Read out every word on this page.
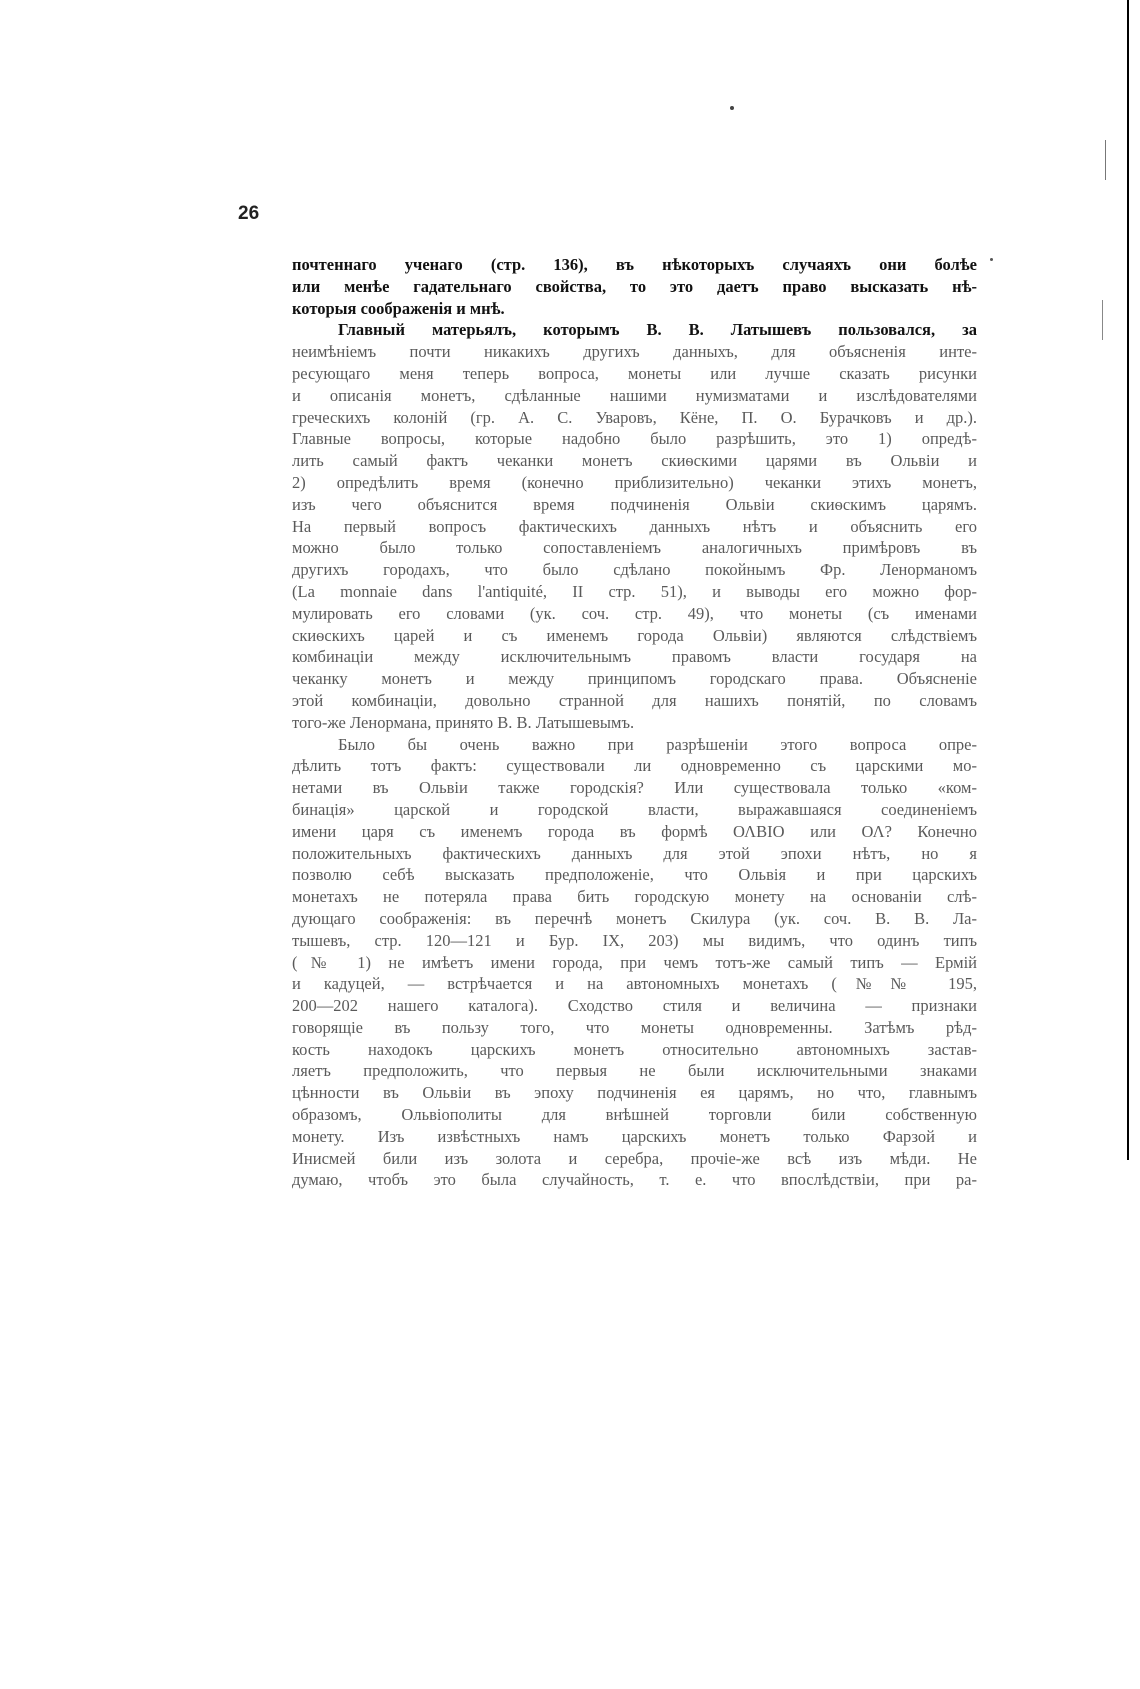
26
почтеннаго ученаго (стр. 136), въ нѣкоторыхъ случаяхъ они болѣе
или менѣе гадательнаго свойства, то это даетъ право высказать нѣ-
которыя соображенія и мнѣ.
Главный матерьялъ, которымъ В. В. Латышевъ пользовался, за
неимѣніемъ почти никакихъ другихъ данныхъ, для объясненія инте-
ресующаго меня теперь вопроса, монеты или лучше сказать рисунки
и описанія монетъ, сдѣланные нашими нумизматами и изслѣдователями
греческихъ колоній (гр. А. С. Уваровъ, Кёне, П. О. Бурачковъ и др.).
Главные вопросы, которые надобно было разрѣшить, это 1) опредѣ-
лить самый фактъ чеканки монетъ скиѳскими царями въ Ольвіи и
2) опредѣлить время (конечно приблизительно) чеканки этихъ монетъ,
изъ чего объяснится время подчиненія Ольвіи скиѳскимъ царямъ.
На первый вопросъ фактическихъ данныхъ нѣтъ и объяснить его
можно было только сопоставленіемъ аналогичныхъ примѣровъ въ
другихъ городахъ, что было сдѣлано покойнымъ Фр. Ленорманомъ
(La monnaie dans l'antiquité, II стр. 51), и выводы его можно фор-
мулировать его словами (ук. соч. стр. 49), что монеты (съ именами
скиѳскихъ царей и съ именемъ города Ольвіи) являются слѣдствіемъ
комбинаціи между исключительнымъ правомъ власти государя на
чеканку монетъ и между принципомъ городскаго права. Объясненіе
этой комбинаціи, довольно странной для нашихъ понятій, по словамъ
того-же Ленормана, принято В. В. Латышевымъ.
Было бы очень важно при разрѣшеніи этого вопроса опре-
дѣлить тотъ фактъ: существовали ли одновременно съ царскими мо-
нетами въ Ольвіи также городскія? Или существовала только «ком-
бинація» царской и городской власти, выражавшаяся соединеніемъ
имени царя съ именемъ города въ формѣ ΟΛΒΙΟ или ΟΛ? Конечно
положительныхъ фактическихъ данныхъ для этой эпохи нѣтъ, но я
позволю себѣ высказать предположеніе, что Ольвія и при царскихъ
монетахъ не потеряла права бить городскую монету на основаніи слѣ-
дующаго соображенія: въ перечнѣ монетъ Скилура (ук. соч. В. В. Ла-
тышевъ, стр. 120—121 и Бур. IX, 203) мы видимъ, что одинъ типъ
(№ 1) не имѣетъ имени города, при чемъ тотъ-же самый типъ — Ермій
и кадуцей, — встрѣчается и на автономныхъ монетахъ (№№ 195,
200—202 нашего каталога). Сходство стиля и величина — признаки
говорящіе въ пользу того, что монеты одновременны. Затѣмъ рѣд-
кость находокъ царскихъ монетъ относительно автономныхъ застав-
ляетъ предположить, что первыя не были исключительными знаками
цѣнности въ Ольвіи въ эпоху подчиненія ея царямъ, но что, главнымъ
образомъ, Ольвіополиты для внѣшней торговли били собственную
монету. Изъ извѣстныхъ намъ царскихъ монетъ только Фарзой и
Инисмей били изъ золота и серебра, прочіе-же всѣ изъ мѣди. Не
думаю, чтобъ это была случайность, т. е. что впослѣдствіи, при ра-
